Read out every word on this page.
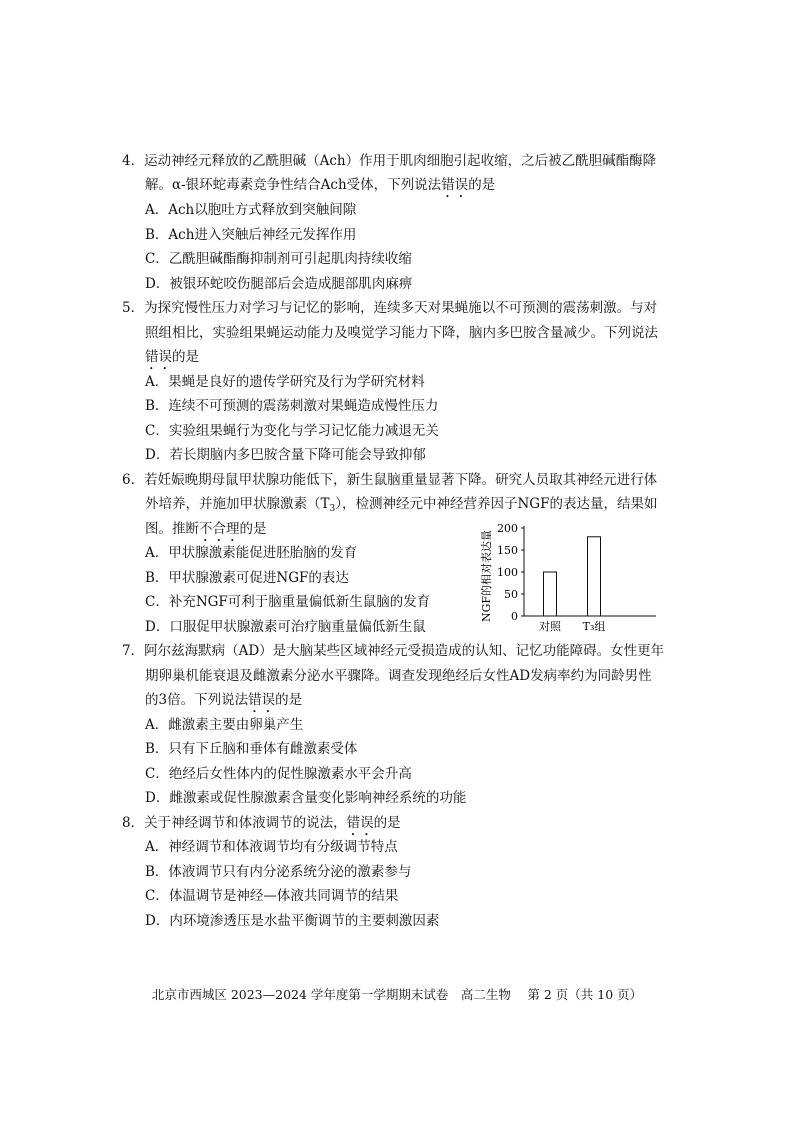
4．运动神经元释放的乙酰胆碱（Ach）作用于肌肉细胞引起收缩，之后被乙酰胆碱酯酶降
解。α-银环蛇毒素竞争性结合Ach受体，下列说法错误的是
A．Ach以胞吐方式释放到突触间隙
B．Ach进入突触后神经元发挥作用
C．乙酰胆碱酯酶抑制剂可引起肌肉持续收缩
D．被银环蛇咬伤腿部后会造成腿部肌肉麻痹
5．为探究慢性压力对学习与记忆的影响，连续多天对果蝇施以不可预测的震荡刺激。与对
照组相比，实验组果蝇运动能力及嗅觉学习能力下降，脑内多巴胺含量减少。下列说法
错误的是
A．果蝇是良好的遗传学研究及行为学研究材料
B．连续不可预测的震荡刺激对果蝇造成慢性压力
C．实验组果蝇行为变化与学习记忆能力减退无关
D．若长期脑内多巴胺含量下降可能会导致抑郁
6．若妊娠晚期母鼠甲状腺功能低下，新生鼠脑重量显著下降。研究人员取其神经元进行体
外培养，并施加甲状腺激素$(T_3)$，检测神经元中神经营养因子NGF的表达量，结果如
图。推断不合理的是
A．甲状腺激素能促进胚胎脑的发育
B．甲状腺激素可促进NGF的表达
C．补充NGF可利于脑重量偏低新生鼠脑的发育
D．口服促甲状腺激素可治疗脑重量偏低新生鼠
NGF的相对表达量 0
50
100
150
200
对照 T₃组
7．阿尔兹海默病（AD）是大脑某些区域神经元受损造成的认知、记忆功能障碍。女性更年
期卵巢机能衰退及雌激素分泌水平骤降。调查发现绝经后女性AD发病率约为同龄男性
的3倍。下列说法错误的是
A．雌激素主要由卵巢产生
B．只有下丘脑和垂体有雌激素受体
C．绝经后女性体内的促性腺激素水平会升高
D．雌激素或促性腺激素含量变化影响神经系统的功能
8．关于神经调节和体液调节的说法，错误的是
A．神经调节和体液调节均有分级调节特点
B．体液调节只有内分泌系统分泌的激素参与
C．体温调节是神经—体液共同调节的结果
D．内环境渗透压是水盐平衡调节的主要刺激因素
北京市西城区 2023—2024 学年度第一学期期末试卷　高二生物　 第 2 页（共 10 页）
